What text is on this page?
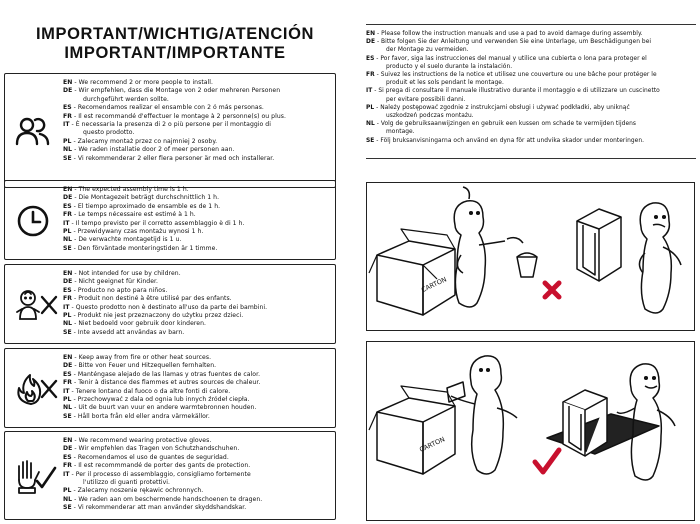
IMPORTANT/WICHTIG/ATENCIÓN
IMPORTANT/IMPORTANTE
EN - We recommend 2 or more people to install.
DE - Wir empfehlen, dass die Montage von 2 oder mehreren Personen
durchgeführt werden sollte.
ES - Recomendamos realizar el ensamble con 2 ó más personas.
FR - Il est recommandé d'effectuer le montage à 2 personne(s) ou plus.
IT - È necessaria la presenza di 2 o più persone per il montaggio di
questo prodotto.
PL - Zalecamy montaż przez co najmniej 2 osoby.
NL - We raden installatie door 2 of meer personen aan.
SE - Vi rekommenderar 2 eller flera personer är med och installerar.
EN - The expected assembly time is 1 h.
DE - Die Montagezeit beträgt durchschnittlich 1 h.
ES - El tiempo aproximado de ensamble es de 1 h.
FR - Le temps nécessaire est estimé à 1 h.
IT - Il tempo previsto per il corretto assemblaggio è di 1 h.
PL - Przewidywany czas montażu wynosi 1 h.
NL - De verwachte montagetijd is 1 u.
SE - Den förväntade monteringstiden är 1 timme.
EN - Not intended for use by children.
DE - Nicht geeignet für Kinder.
ES - Producto no apto para niños.
FR - Produit non destiné à être utilisé par des enfants.
IT - Questo prodotto non è destinato all'uso da parte dei bambini.
PL - Produkt nie jest przeznaczony do użytku przez dzieci.
NL - Niet bedoeld voor gebruik door kinderen.
SE - Inte avsedd att användas av barn.
EN - Keep away from fire or other heat sources.
DE - Bitte von Feuer und Hitzequellen fernhalten.
ES - Manténgase alejado de las llamas y otras fuentes de calor.
FR - Tenir à distance des flammes et autres sources de chaleur.
IT - Tenere lontano dal fuoco o da altre fonti di calore.
PL - Przechowywać z dala od ognia lub innych źródeł ciepła.
NL - Uit de buurt van vuur en andere warmtebronnen houden.
SE - Håll borta från eld eller andra värmekällor.
EN - We recommend wearing protective gloves.
DE - Wir empfehlen das Tragen von Schutzhandschuhen.
ES - Recomendamos el uso de guantes de seguridad.
FR - Il est recommmandé de porter des gants de protection.
IT - Per il processo di assemblaggio, consigliamo fortemente
l'utilizzo di guanti protettivi.
PL - Zalecamy noszenie rękawic ochronnych.
NL - We raden aan om beschermende handschoenen te dragen.
SE - Vi rekommenderar att man använder skyddshandskar.
EN - Please follow the instruction manuals and use a pad to avoid damage during assembly.
DE - Bitte folgen Sie der Anleitung und verwenden Sie eine Unterlage, um Beschädigungen bei
der Montage zu vermeiden.
ES - Por favor, siga las instrucciones del manual y utilice una cubierta o lona para proteger el
producto y el suelo durante la instalación.
FR - Suivez les instructions de la notice et utilisez une couverture ou une bâche pour protéger le
produit et les sols pendant le montage.
IT - Si prega di consultare il manuale illustrativo durante il montaggio e di utilizzare un cuscinetto
per evitare possibili danni.
PL - Należy postępować zgodnie z instrukcjami obsługi i używać podkładki, aby uniknąć
uszkodzeń podczas montażu.
NL - Volg de gebruiksaanwijzingen en gebruik een kussen om schade te vermijden tijdens
montage.
SE - Följ bruksanvisningarna och använd en dyna för att undvika skador under monteringen.
CARTON
CARTON
